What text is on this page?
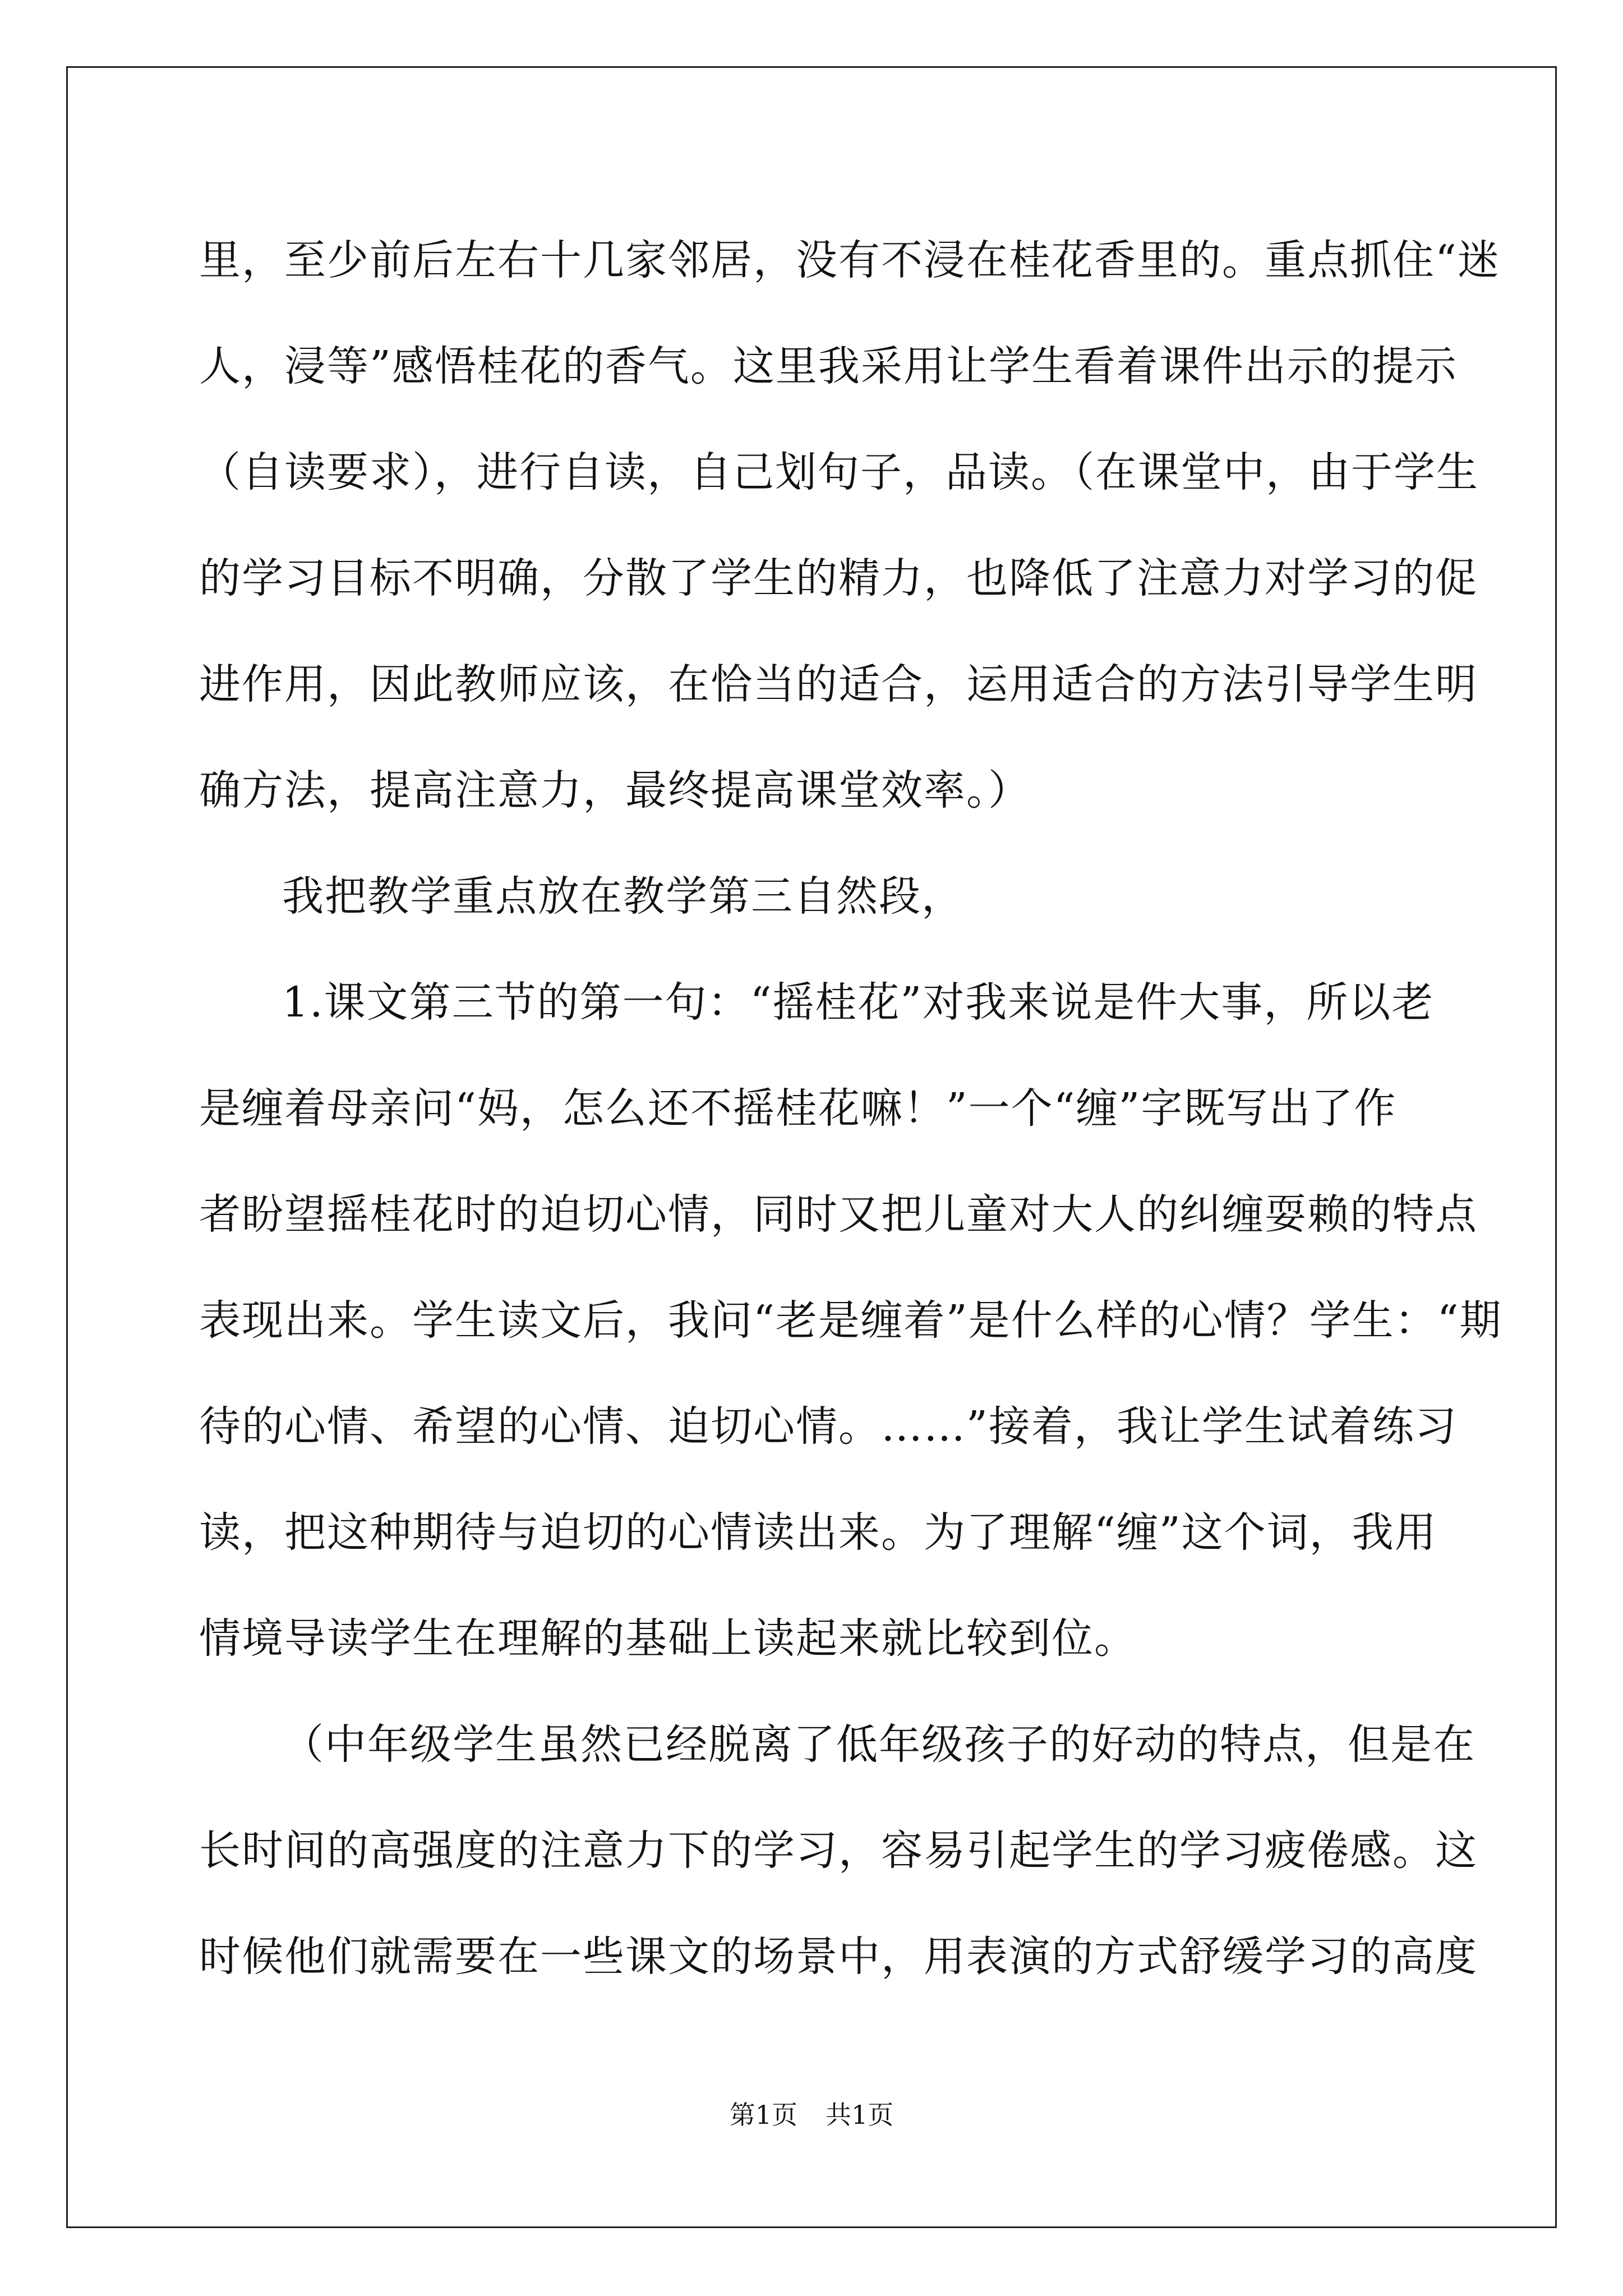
里，至少前后左右十几家邻居，没有不浸在桂花香里的。重点抓住“迷
人，浸等”感悟桂花的香气。这里我采用让学生看着课件出示的提示
（自读要求），进行自读，自己划句子，品读。（在课堂中，由于学生
的学习目标不明确，分散了学生的精力，也降低了注意力对学习的促
进作用，因此教师应该，在恰当的适合，运用适合的方法引导学生明
确方法，提高注意力，最终提高课堂效率。）
我把教学重点放在教学第三自然段，
1.课文第三节的第一句：“摇桂花”对我来说是件大事，所以老
是缠着母亲问“妈，怎么还不摇桂花嘛！”一个“缠”字既写出了作
者盼望摇桂花时的迫切心情，同时又把儿童对大人的纠缠耍赖的特点
表现出来。学生读文后，我问“老是缠着”是什么样的心情？学生：“期
待的心情、希望的心情、迫切心情。……”接着，我让学生试着练习
读，把这种期待与迫切的心情读出来。为了理解“缠”这个词，我用
情境导读学生在理解的基础上读起来就比较到位。
（中年级学生虽然已经脱离了低年级孩子的好动的特点，但是在
长时间的高强度的注意力下的学习，容易引起学生的学习疲倦感。这
时候他们就需要在一些课文的场景中，用表演的方式舒缓学习的高度
第1页 共1页
